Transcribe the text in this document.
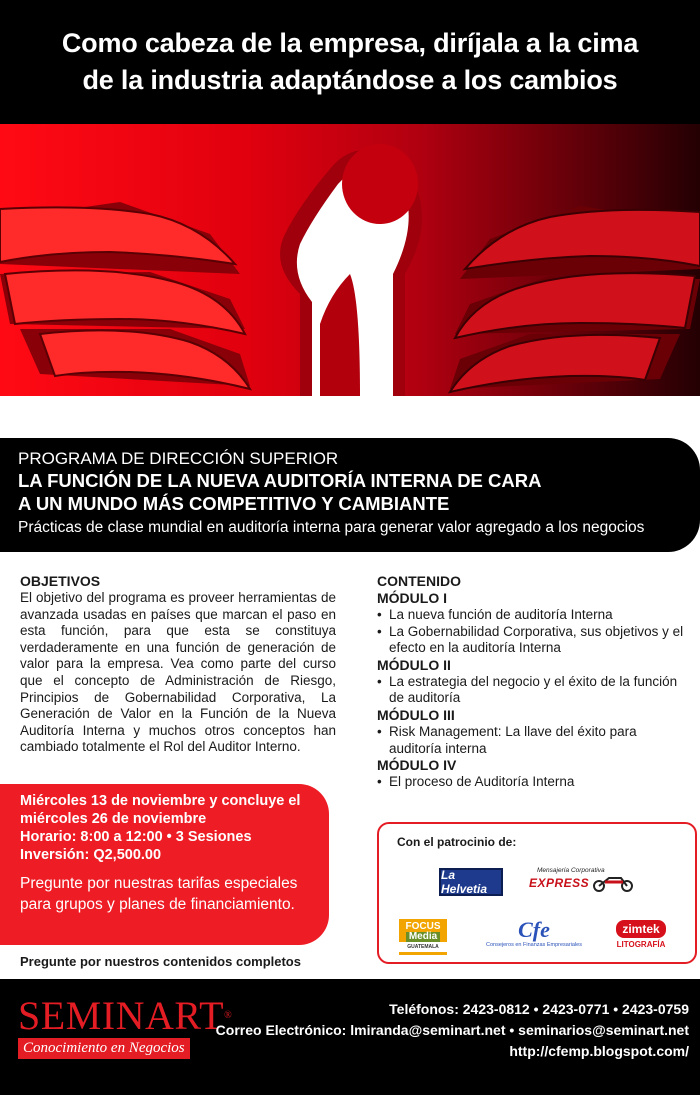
Como cabeza de la empresa, diríjala a la cima
de la industria adaptándose a los cambios
PROGRAMA DE DIRECCIÓN SUPERIOR
LA FUNCIÓN DE LA NUEVA AUDITORÍA INTERNA DE CARA
A UN MUNDO MÁS COMPETITIVO Y CAMBIANTE
Prácticas de clase mundial en auditoría interna para generar valor agregado a los negocios
OBJETIVOS
El objetivo del programa es proveer herramientas de avanzada usadas en países que marcan el paso en esta función, para que esta se constituya verdaderamente en una función de generación de valor para la empresa. Vea como parte del curso que el concepto de Administración de Riesgo, Principios de Gobernabilidad Corporativa, La Generación de Valor en la Función de la Nueva Auditoría Interna y muchos otros conceptos han cambiado totalmente el Rol del Auditor Interno.
CONTENIDO
MÓDULO I
• La nueva función de auditoría Interna
• La Gobernabilidad Corporativa, sus objetivos y el efecto en la auditoría Interna
MÓDULO II
• La estrategia del negocio y el éxito de la función de auditoría
MÓDULO III
• Risk Management: La llave del éxito para auditoría interna
MÓDULO IV
• El proceso de Auditoría Interna
Miércoles 13 de noviembre y concluye el
miércoles 26 de noviembre
Horario: 8:00 a 12:00 • 3 Sesiones
Inversión: Q2,500.00
Pregunte por nuestras tarifas especiales
para grupos y planes de financiamiento.
Pregunte por nuestros contenidos completos
Con el patrocinio de:
La Helvetia
Mensajería Corporativa
EXPRESS
FOCUS
Media
GUATEMALA
Cfe
Consejeros en Finanzas Empresariales
zimtek
LITOGRAFÍA
SEMINART®
Conocimiento en Negocios
Teléfonos: 2423-0812 • 2423-0771 • 2423-0759
Correo Electrónico: lmiranda@seminart.net • seminarios@seminart.net
http://cfemp.blogspot.com/
